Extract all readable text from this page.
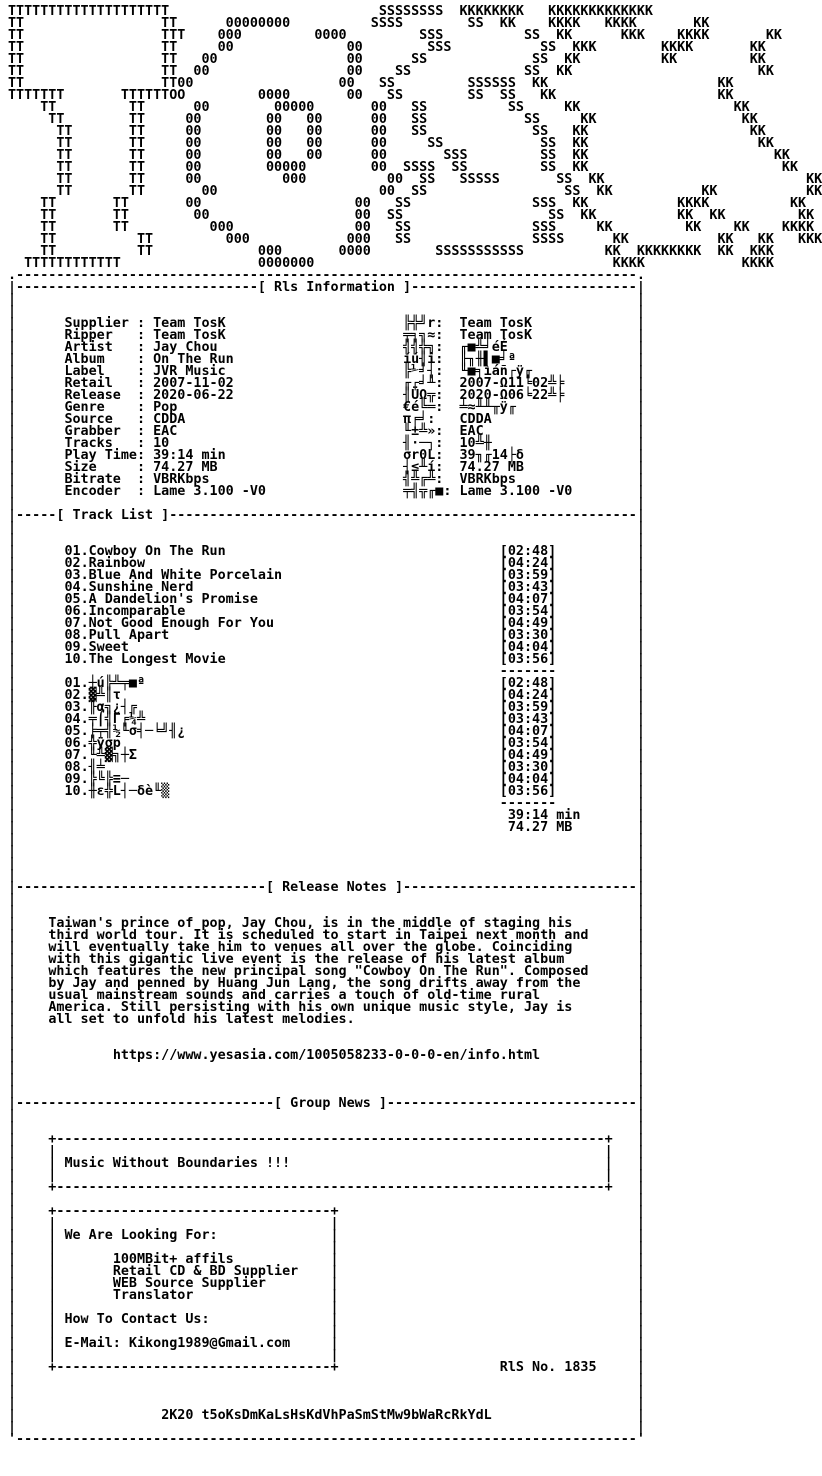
TTTTTTTTTTTTTTTTTTTT                          SSSSSSSS  KKKKKKKK   KKKKKKKKKKKKK
TT                 TT      00000000          SSSS        SS  KK    KKKK   KKKK       KK
TT                 TTT    000         0000         SSS          SS  KK      KKK    KKKK       KK
TT                 TT     00              00        SSS           SS  KKK        KKKK       KK
TT                 TT   00                00      SS             SS  KK          KK         KK
TT                 TT  00                 00    SS              SS  KK                       KK
TT                 TT00                  00   SS         SSSSSS  KK                     KK
TTTTTTT       TTTTTTOO         0000       00   SS        SS  SS   KK                    KK
TT         TT      00        00000       00   SS          SS     KK                   KK
TT        TT     00        00   00      00   SS            SS     KK                  KK
TT       TT     00        00   00      00   SS             SS   KK                    KK
TT       TT     00        00   00      00     SS            SS  KK                     KK
TT       TT     00        00   00      00       SSS         SS  KK                       KK
TT       TT     00        00000        00  SSSS  SS         SS  KK                        KK
TT       TT     00          000          00  SS   SSSSS       SS  KK                         KK
TT       TT       00                    00  SS                 SS  KK           KK           KK
TT       TT       00                   00   SS               SSS  KK           KKKK          KK
TT       TT        00                  00  SS                  SS  KK          KK  KK         KK
TT       TT          000               00   SS               SSS     KK         KK    KK    KKKK
TT          TT         000            000   SS               SSSS      KK           KK   KK   KKK
TT          TT             000       0000        SSSSSSSSSSS          KK  KKKKKKKK  KK  KKK
TTTTTTTTTTTT                 0000000                                     KKKK            KKKK
.-----------------------------------------------------------------------------.
|------------------------------[ Rls Information ]----------------------------|
|                                                                             |
|                                                                             |
|	Supplier : Team TosK	╠╬╝r: Team TosK	|
|	Ripper   : Team TosK	╤╕╗≈: Team TosK	|
|	Artist   : Jay Chou	╣╣╬╗: ╓■╩╛éÉ	|
|	Album    : On The Run	íú╢i: ╟╖╫▌■╛ª	|
|	Label    : JVR Music	╠⅟╛┤: ╙■╕ìáñ┌ÿ╓	|
|	Retail   : 2007-11-02	╓┌╛╨: 2007-Ω11╘02╩╞	|
|	Release  : 2020-06-22	╢ÜΩ╦: 2020-Ω06╘22╩╞	|
|	Genre    : Pop	€é╚═: ╧≈╨╨╥ÿ╓	|
|	Source   : CDDA	π╒╛: CDDA	|
|	Grabber  : EAC	╙±╩»: EAC	|
|	Tracks   : 10	╢·─┐: 10╩╫	|
|	Play Time: 39:14 min	σr0L: 39╖╓14├δ	|
|	Size     : 74.27 MB	┤≤╨í: 74.27 MB	|
|	Bitrate  : VBRKbps	╣╩╔╩: VBRKbps	|
|	Encoder  : Lame 3.100 -V0	╤╣╦╓■: Lame 3.100 -V0	|
|                                                                             |
|-----[ Track List ]----------------------------------------------------------|
|                                                                             |
|                                                                             |
|	01.Cowboy On The Run	[02:48]	|
|	02.Rainbow	[04:24]	|
|	03.Blue And White Porcelain	[03:59]	|
|	04.Sunshine Nerd	[03:43]	|
|	05.A Dandelion's Promise	[04:07]	|
|	06.Incomparable	[03:54]	|
|	07.Not Good Enough For You	[04:49]	|
|	08.Pull Apart	[03:30]	|
|	09.Sweet	[04:04]	|
|	10.The Longest Movie	[03:56]	|
|	-------	|
|	01.┼ú╠╩╤■ª	[02:48]	|
|	02.▓╩║τ	[04:24]	|
|	03.╟α╗¿┤╔	[03:59]	|
|	04.╤⌠╣Γ╒¼╩	[03:43]	|
|	05.╞╤╣½╙σ╡─╘╝╢¿	[04:07]	|
|	06.╬ÿσp	[03:54]	|
|	07.╙╩▓╗┼Σ	[04:49]	|
|	08.╢╧	[03:30]	|
|	09.╠╚╠≡─	[04:04]	|
|	10.╫ε╬L┤─δè╙▒	[03:56]	|
|	-------	|
|	39:14 min	|
|	74.27 MB	|
|                                                                             |
|                                                                             |
|                                                                             |
|                                                                             |
|-------------------------------[ Release Notes ]-----------------------------|
|                                                                             |
|                                                                             |
| Taiwan's prince of pop, Jay Chou, is in the middle of staging his	|
| third world tour. It is scheduled to start in Taipei next month and	|
| will eventually take him to venues all over the globe. Coinciding	|
| with this gigantic live event is the release of his latest album	|
| which features the new principal song "Cowboy On The Run". Composed	|
| by Jay and penned by Huang Jun Lang, the song drifts away from the	|
| usual mainstream sounds and carries a touch of old-time rural	|
| America. Still persisting with his own unique music style, Jay is	|
| all set to unfold his latest melodies.	|
|                                                                             |
|                                                                             |
|	https://www.yesasia.com/1005058233-0-0-0-en/info.html	|
|                                                                             |
|                                                                             |
|                                                                             |
|--------------------------------[ Group News ]-------------------------------|
|                                                                             |
|                                                                             |
|    +--------------------------------------------------------------------+   |
|    |                                                                    |   |
|    | Music Without Boundaries !!!                                       |   |
|    |                                                                    |   |
|    +--------------------------------------------------------------------+   |
|                                                                             |
|    +----------------------------------+                                     |
|    |	|	|
|    | We Are Looking For:	|	|
|    |	|	|
|    |       100MBit+ affils            |                                     |
|    |       Retail CD & BD Supplier    |                                     |
|    |       WEB Source Supplier        |                                     |
|    |       Translator                 |                                     |
|    |	|	|
|    | How To Contact Us:	|	|
|    |	|	|
|    | E-Mail: Kikong1989@Gmail.com	|	|
|    |	|	|
|    +----------------------------------+	RlS No. 1835	|
|                                                                             |
|                                                                             |
|                                                                             |
|	2K20 t5oKsDmKaLsHsKdVhPaSmStMw9bWaRcRkYdL	|
|                                                                             |
'-----------------------------------------------------------------------------'
